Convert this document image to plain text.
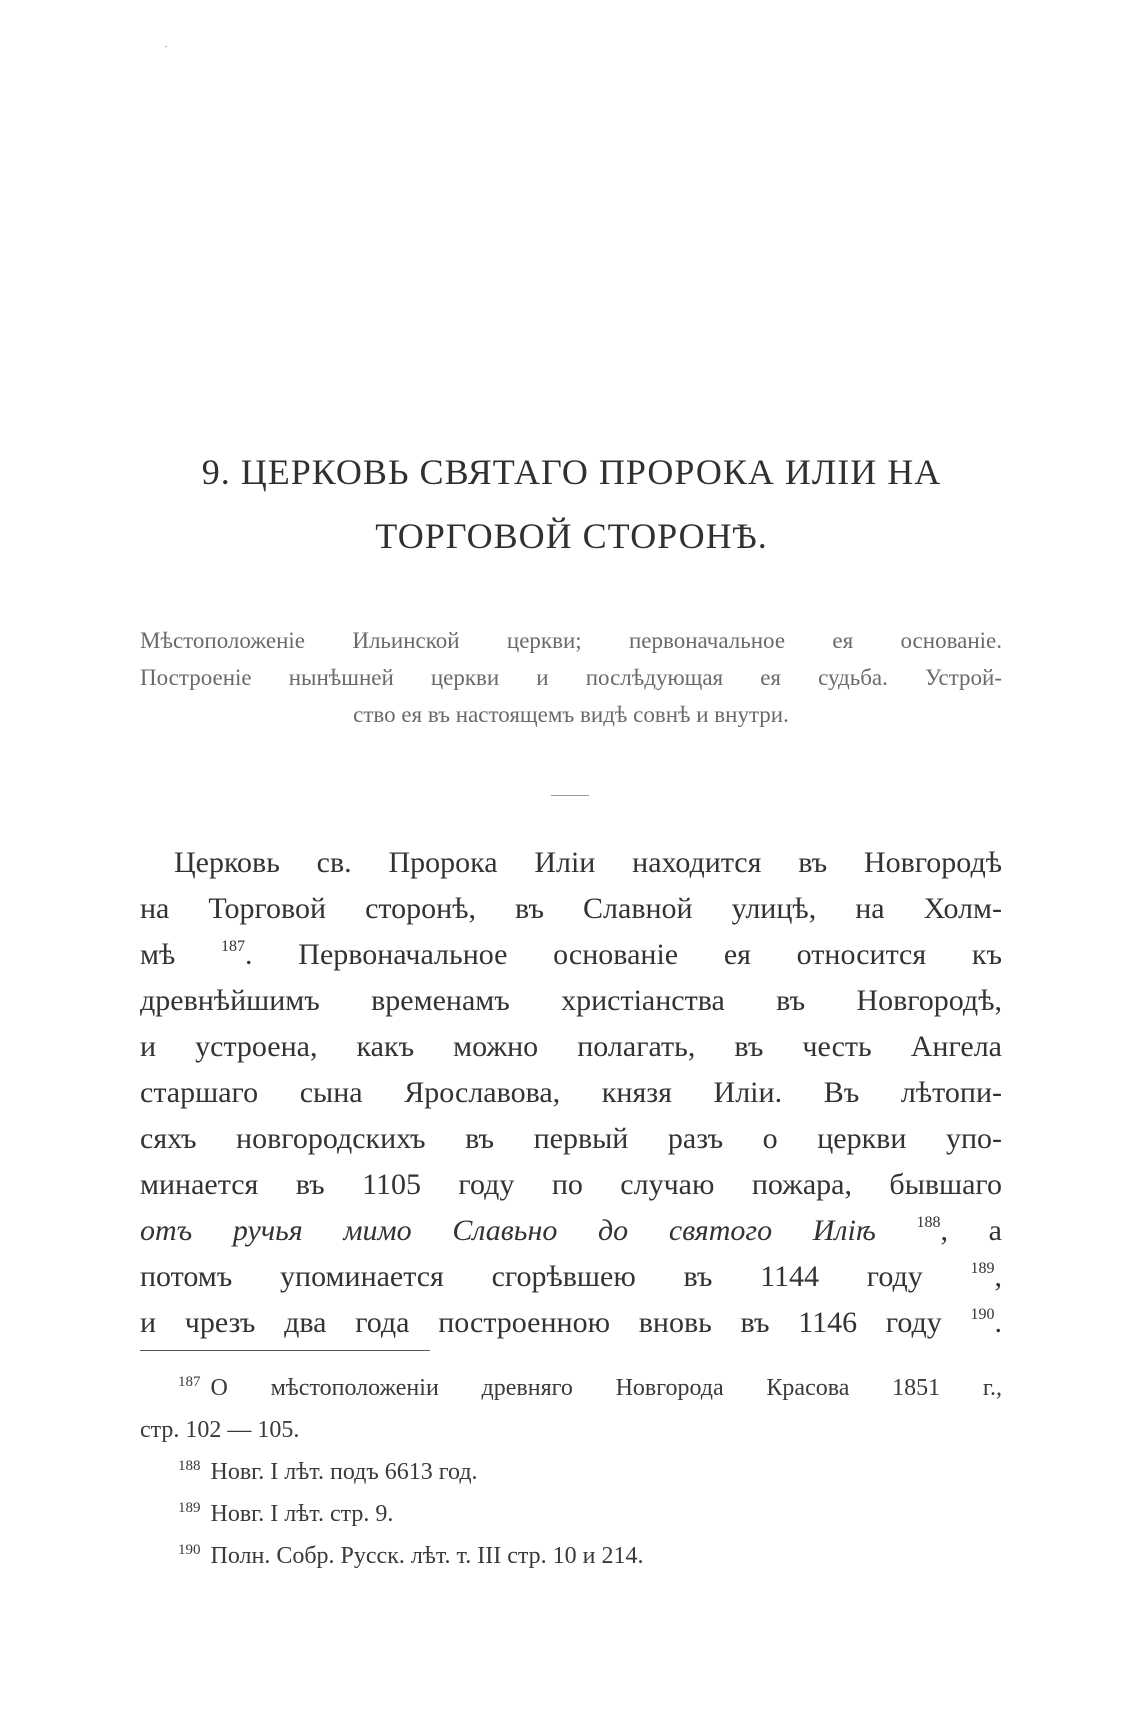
·
9. ЦЕРКОВЬ СВЯТАГО ПРОРОКА ИЛІИ НА
ТОРГОВОЙ СТОРОНѢ.

Мѣстоположеніе Ильинской церкви; первоначальное ея основаніе.
Построеніе нынѣшней церкви и послѣдующая ея судьба. Устрой-
ство ея въ настоящемъ видѣ совнѣ и внутри.

Церковь св. Пророка Иліи находится въ Новгородѣ
на Торговой сторонѣ, въ Славной улицѣ, на Холм-
мѣ	$^{187}$. Первоначальное основаніе ея относится къ
древнѣйшимъ временамъ христіанства въ Новгородѣ,
и устроена, какъ можно полагать, въ честь Ангела
старшаго сына Ярославова, князя Иліи. Въ лѣтопи-
сяхъ новгородскихъ въ первый разъ о церкви упо-
минается въ 1105 году по случаю пожара, бывшаго
отъ ручья мимо Славьно до святого Иліѣ	$^{188}$, а
потомъ упоминается сгорѣвшею въ 1144 году	$^{189}$,
и чрезъ два года построенною вновь въ 1146 году $^{190}$.

$^{187}$ О мѣстоположеніи древняго Новгорода Красова 1851 г.,
стр. 102 — 105.
$^{188}$ Новг. I лѣт. подъ 6613 год.
$^{189}$ Новг. I лѣт. стр. 9.
$^{190}$ Полн. Собр. Русск. лѣт. т. III стр. 10 и 214.
